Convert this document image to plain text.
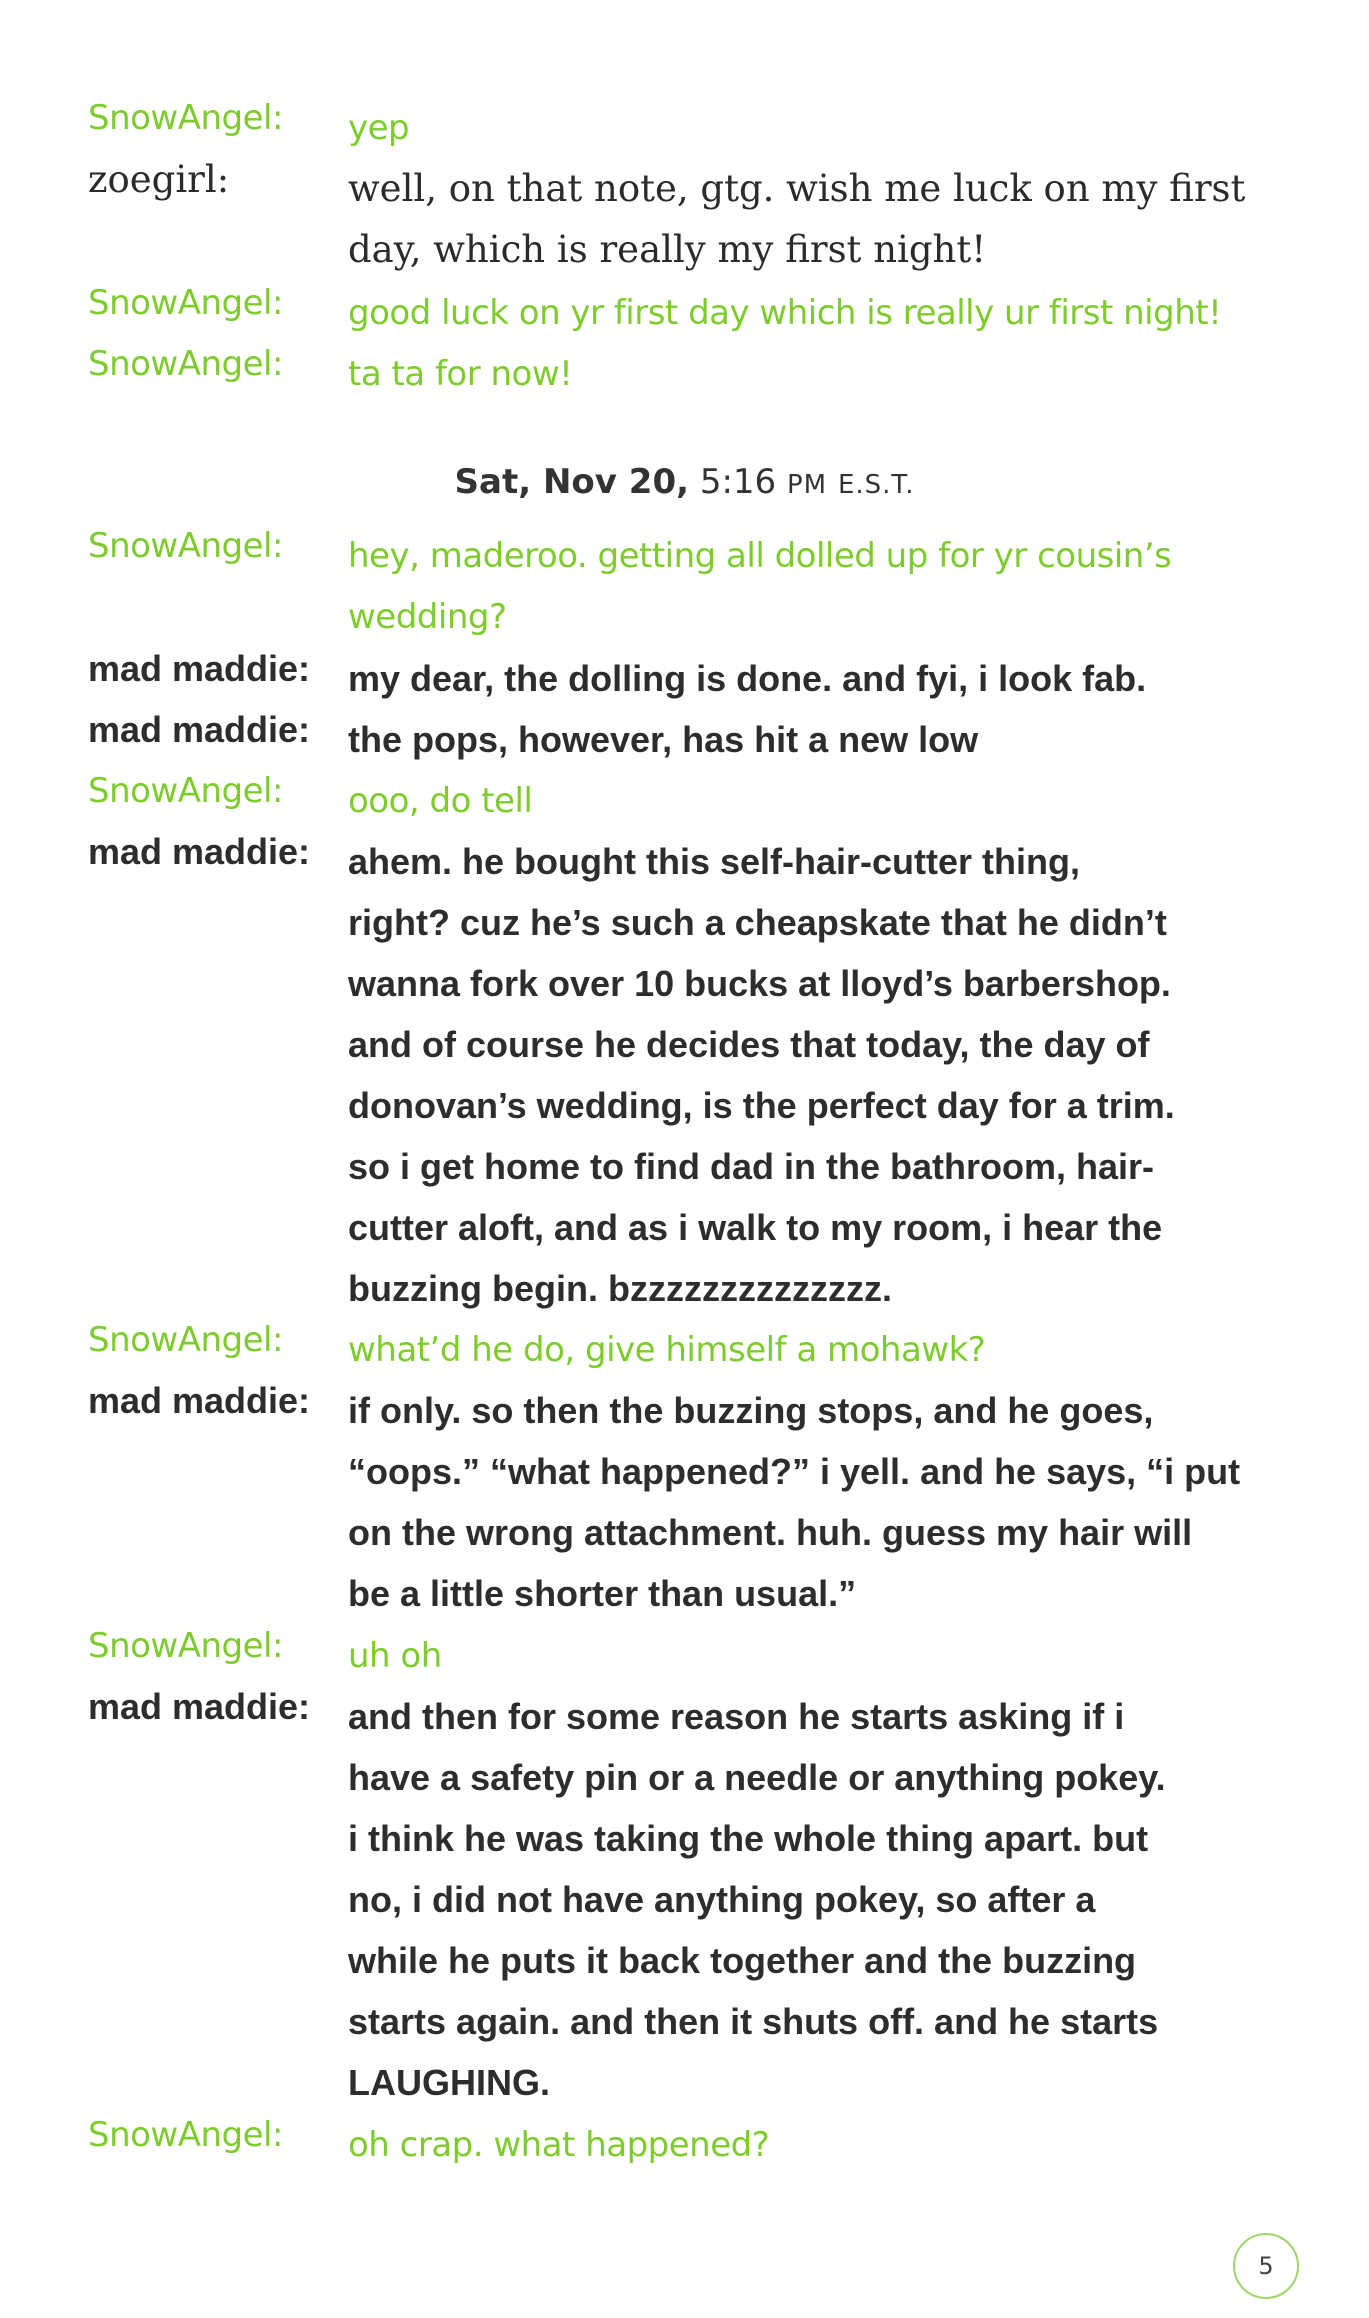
SnowAngel: yep
zoegirl:	well, on that note, gtg. wish me luck on my first
day, which is really my first night!
SnowAngel: good luck on yr first day which is really ur first night!
SnowAngel: ta ta for now!
Sat, Nov 20, 5:16 PM E.S.T.
SnowAngel: hey, maderoo. getting all dolled up for yr cousin’s
wedding?
mad maddie: my dear, the dolling is done. and fyi, i look fab.
mad maddie: the pops, however, has hit a new low
SnowAngel: ooo, do tell
mad maddie: ahem. he bought this self-hair-cutter thing,
right? cuz he’s such a cheapskate that he didn’t
wanna fork over 10 bucks at lloyd’s barbershop.
and of course he decides that today, the day of
donovan’s wedding, is the perfect day for a trim.
so i get home to find dad in the bathroom, hair-
cutter aloft, and as i walk to my room, i hear the
buzzing begin. bzzzzzzzzzzzzzz.
SnowAngel: what’d he do, give himself a mohawk?
mad maddie: if only. so then the buzzing stops, and he goes,
“oops.” “what happened?” i yell. and he says, “i put
on the wrong attachment. huh. guess my hair will
be a little shorter than usual.”
SnowAngel: uh oh
mad maddie: and then for some reason he starts asking if i
have a safety pin or a needle or anything pokey.
i think he was taking the whole thing apart. but
no, i did not have anything pokey, so after a
while he puts it back together and the buzzing
starts again. and then it shuts off. and he starts
LAUGHING.
SnowAngel: oh crap. what happened?
5
